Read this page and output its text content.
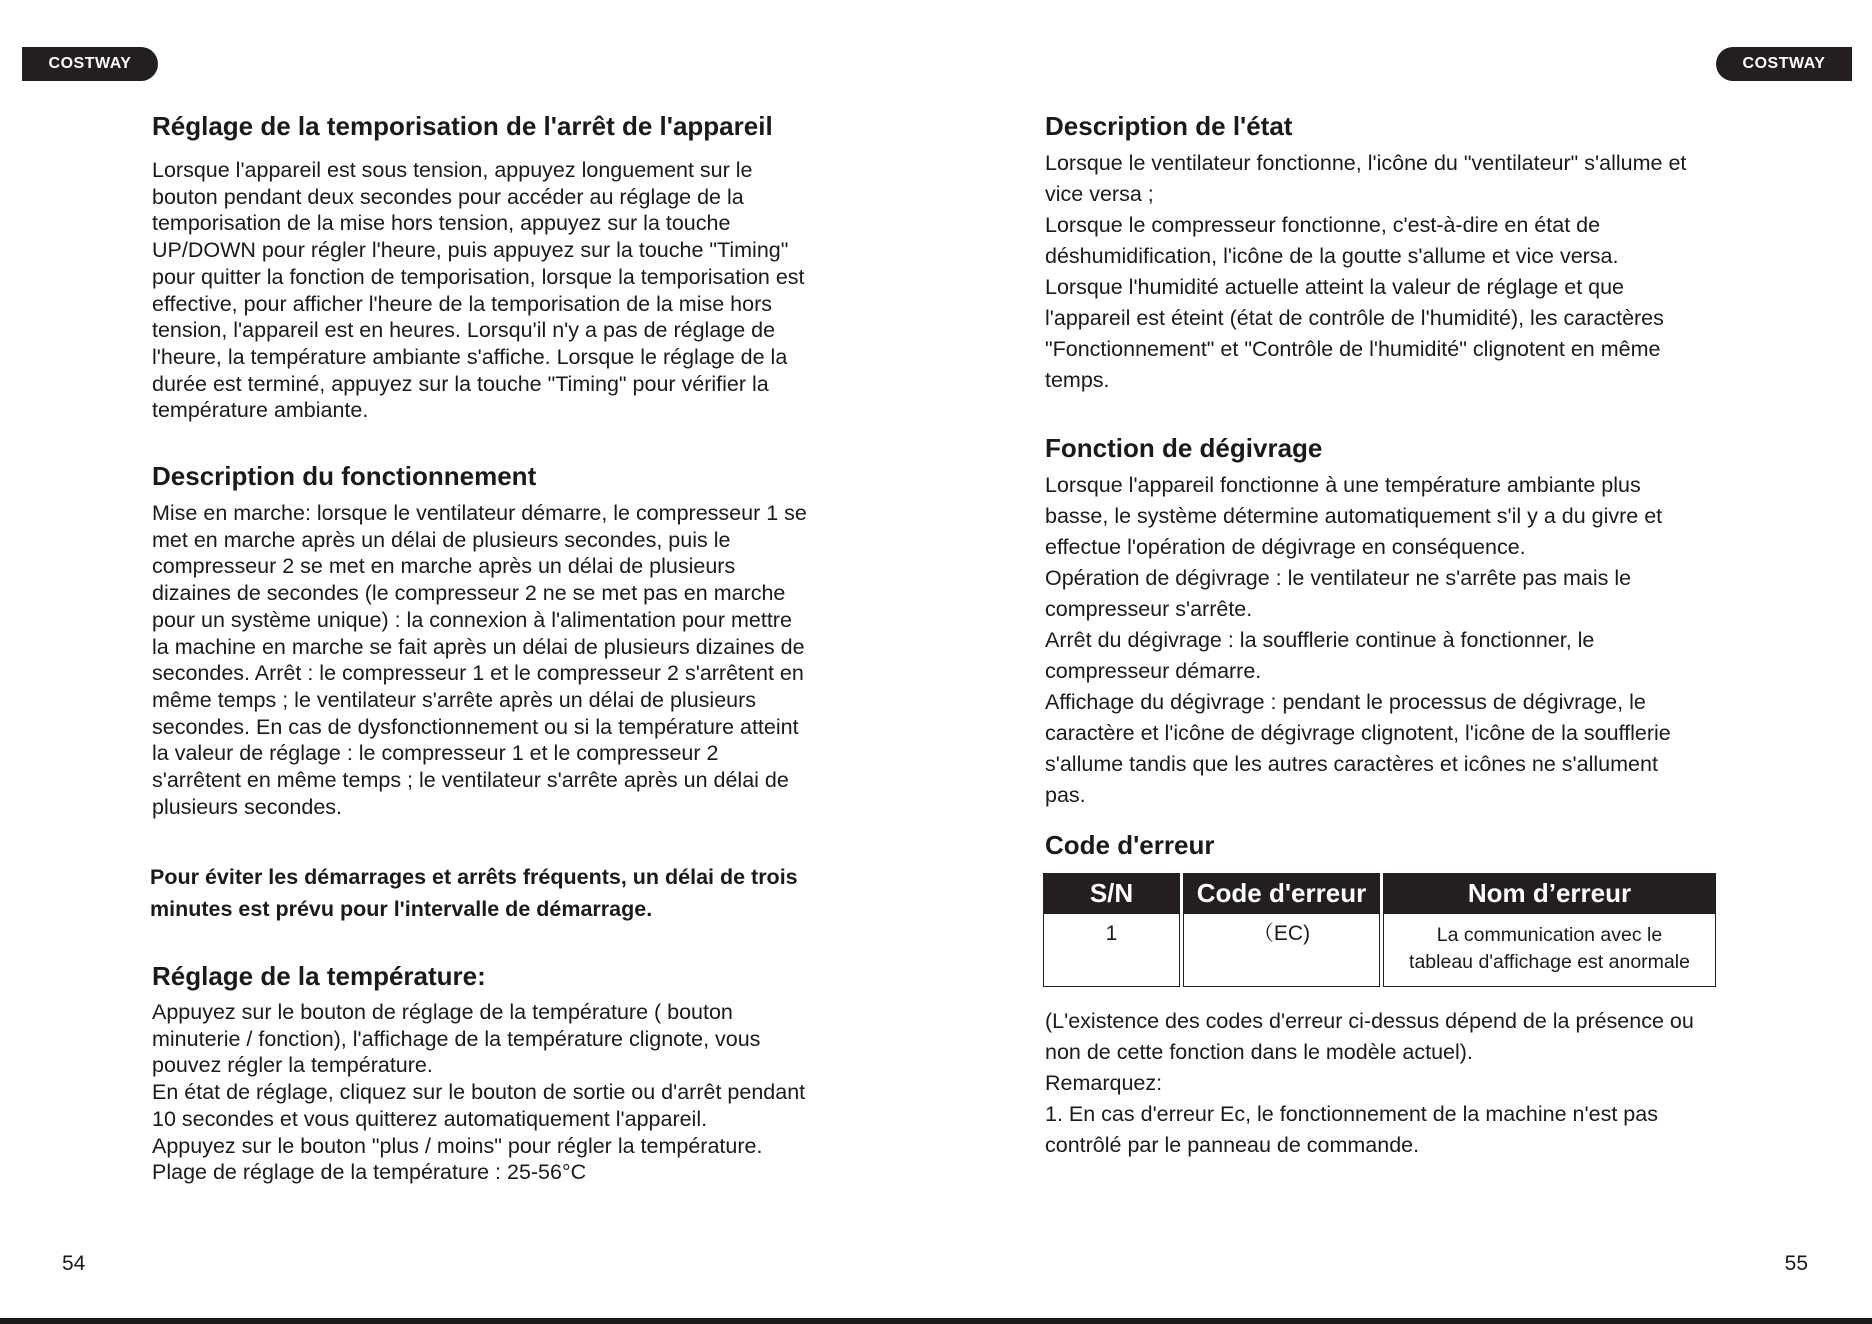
COSTWAY
Réglage de la temporisation de l'arrêt de l'appareil
Lorsque l'appareil est sous tension, appuyez longuement sur le
bouton pendant deux secondes pour accéder au réglage de la
temporisation de la mise hors tension, appuyez sur la touche
UP/DOWN pour régler l'heure, puis appuyez sur la touche "Timing"
pour quitter la fonction de temporisation, lorsque la temporisation est
effective, pour afficher l'heure de la temporisation de la mise hors
tension, l'appareil est en heures. Lorsqu'il n'y a pas de réglage de
l'heure, la température ambiante s'affiche. Lorsque le réglage de la
durée est terminé, appuyez sur la touche "Timing" pour vérifier la
température ambiante.
Description du fonctionnement
Mise en marche: lorsque le ventilateur démarre, le compresseur 1 se
met en marche après un délai de plusieurs secondes, puis le
compresseur 2 se met en marche après un délai de plusieurs
dizaines de secondes (le compresseur 2 ne se met pas en marche
pour un système unique) : la connexion à l'alimentation pour mettre
la machine en marche se fait après un délai de plusieurs dizaines de
secondes. Arrêt : le compresseur 1 et le compresseur 2 s'arrêtent en
même temps ; le ventilateur s'arrête après un délai de plusieurs
secondes. En cas de dysfonctionnement ou si la température atteint
la valeur de réglage : le compresseur 1 et le compresseur 2
s'arrêtent en même temps ; le ventilateur s'arrête après un délai de
plusieurs secondes.
Pour éviter les démarrages et arrêts fréquents, un délai de trois
minutes est prévu pour l'intervalle de démarrage.
Réglage de la température:
Appuyez sur le bouton de réglage de la température ( bouton
minuterie / fonction), l'affichage de la température clignote, vous
pouvez régler la température.
En état de réglage, cliquez sur le bouton de sortie ou d'arrêt pendant
10 secondes et vous quitterez automatiquement l'appareil.
Appuyez sur le bouton "plus / moins" pour régler la température.
Plage de réglage de la température : 25-56°C
54
COSTWAY
Description de l'état
Lorsque le ventilateur fonctionne, l'icône du "ventilateur" s'allume et
vice versa ;
Lorsque le compresseur fonctionne, c'est-à-dire en état de
déshumidification, l'icône de la goutte s'allume et vice versa.
Lorsque l'humidité actuelle atteint la valeur de réglage et que
l'appareil est éteint (état de contrôle de l'humidité), les caractères
"Fonctionnement" et "Contrôle de l'humidité" clignotent en même
temps.
Fonction de dégivrage
Lorsque l'appareil fonctionne à une température ambiante plus
basse, le système détermine automatiquement s'il y a du givre et
effectue l'opération de dégivrage en conséquence.
Opération de dégivrage : le ventilateur ne s'arrête pas mais le
compresseur s'arrête.
Arrêt du dégivrage : la soufflerie continue à fonctionner, le
compresseur démarre.
Affichage du dégivrage : pendant le processus de dégivrage, le
caractère et l'icône de dégivrage clignotent, l'icône de la soufflerie
s'allume tandis que les autres caractères et icônes ne s'allument
pas.
Code d'erreur
S/N	Code d'erreur	Nom d’erreur
1	（EC)	La communication avec le
tableau d'affichage est anormale
(L'existence des codes d'erreur ci-dessus dépend de la présence ou
non de cette fonction dans le modèle actuel).
Remarquez:
1. En cas d'erreur Ec, le fonctionnement de la machine n'est pas
contrôlé par le panneau de commande.
55
